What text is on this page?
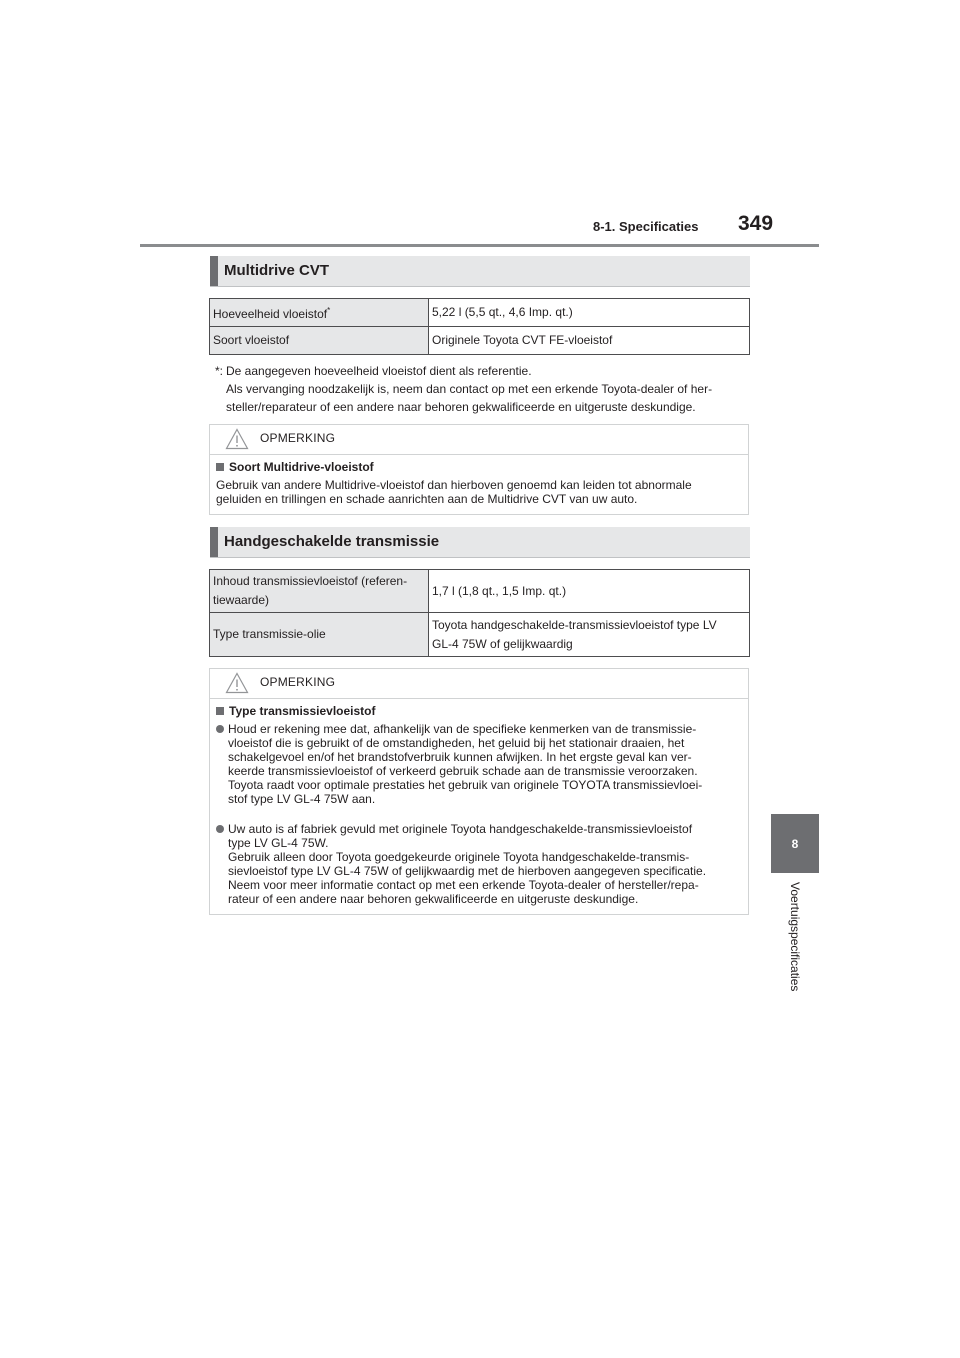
8-1. Specificaties 349
8
Voertuigspecificaties
Multidrive CVT
Hoeveelheid vloeistof*	5,22 l (5,5 qt., 4,6 Imp. qt.)
Soort vloeistof	Originele Toyota CVT FE-vloeistof
*: De aangegeven hoeveelheid vloeistof dient als referentie.
Als vervanging noodzakelijk is, neem dan contact op met een erkende Toyota-dealer of her-
steller/reparateur of een andere naar behoren gekwalificeerde en uitgeruste deskundige.
OPMERKING
Soort Multidrive-vloeistof
Gebruik van andere Multidrive-vloeistof dan hierboven genoemd kan leiden tot abnormale
geluiden en trillingen en schade aanrichten aan de Multidrive CVT van uw auto.
Handgeschakelde transmissie
Inhoud transmissievloeistof (referen-
tiewaarde)	1,7 l (1,8 qt., 1,5 Imp. qt.)
Type transmissie-olie	Toyota handgeschakelde-transmissievloeistof type LV
GL-4 75W of gelijkwaardig
OPMERKING
Type transmissievloeistof

Houd er rekening mee dat, afhankelijk van de specifieke kenmerken van de transmissie-

vloeistof die is gebruikt of de omstandigheden, het geluid bij het stationair draaien, het

schakelgevoel en/of het brandstofverbruik kunnen afwijken. In het ergste geval kan ver-

keerde transmissievloeistof of verkeerd gebruik schade aan de transmissie veroorzaken.

Toyota raadt voor optimale prestaties het gebruik van originele TOYOTA transmissievloei-

stof type LV GL-4 75W aan.

Uw auto is af fabriek gevuld met originele Toyota handgeschakelde-transmissievloeistof

type LV GL-4 75W.

Gebruik alleen door Toyota goedgekeurde originele Toyota handgeschakelde-transmis-

sievloeistof type LV GL-4 75W of gelijkwaardig met de hierboven aangegeven specificatie.

Neem voor meer informatie contact op met een erkende Toyota-dealer of hersteller/repa-

rateur of een andere naar behoren gekwalificeerde en uitgeruste deskundige.
